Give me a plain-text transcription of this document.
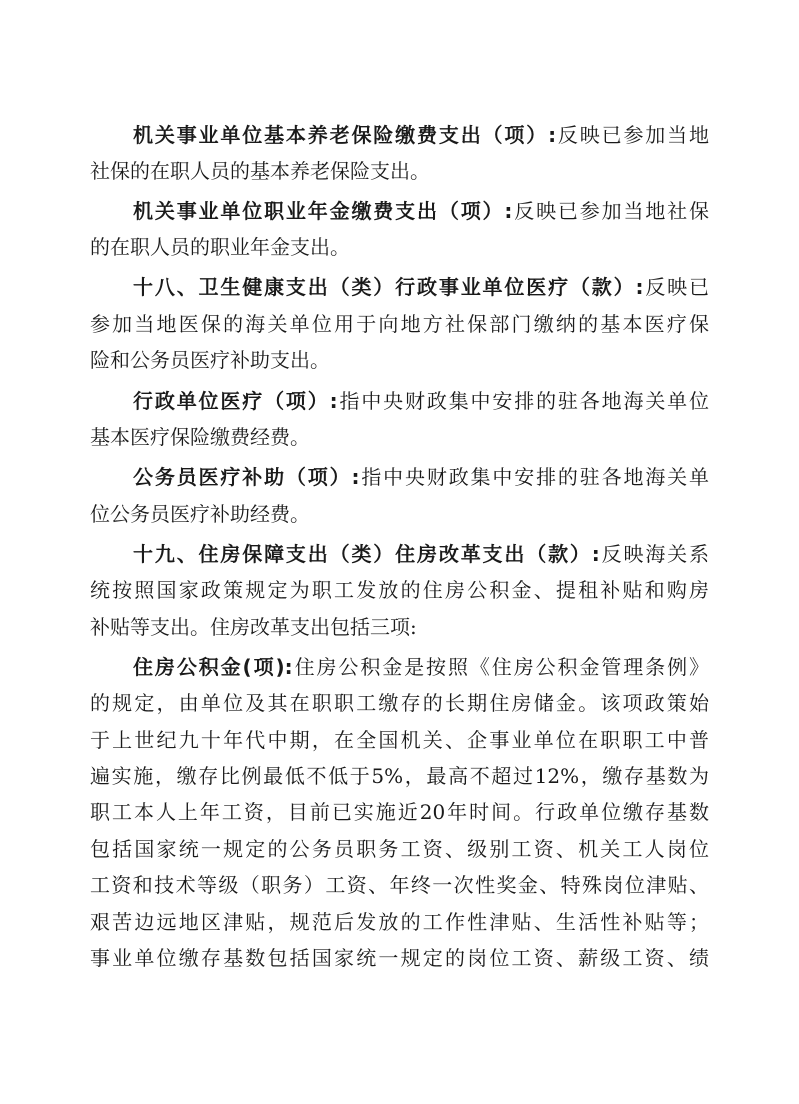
机关事业单位基本养老保险缴费支出（项）:反映已参加当地
社保的在职人员的基本养老保险支出。
机关事业单位职业年金缴费支出（项）:反映已参加当地社保
的在职人员的职业年金支出。
十八、卫生健康支出（类）行政事业单位医疗（款）:反映已
参加当地医保的海关单位用于向地方社保部门缴纳的基本医疗保
险和公务员医疗补助支出。
行政单位医疗（项）:指中央财政集中安排的驻各地海关单位
基本医疗保险缴费经费。
公务员医疗补助（项）:指中央财政集中安排的驻各地海关单
位公务员医疗补助经费。
十九、住房保障支出（类）住房改革支出（款）:反映海关系
统按照国家政策规定为职工发放的住房公积金、提租补贴和购房
补贴等支出。住房改革支出包括三项:
住房公积金(项):住房公积金是按照《住房公积金管理条例》
的规定，由单位及其在职职工缴存的长期住房储金。该项政策始
于上世纪九十年代中期，在全国机关、企事业单位在职职工中普
遍实施，缴存比例最低不低于5%，最高不超过12%，缴存基数为
职工本人上年工资，目前已实施近20年时间。行政单位缴存基数
包括国家统一规定的公务员职务工资、级别工资、机关工人岗位
工资和技术等级（职务）工资、年终一次性奖金、特殊岗位津贴、
艰苦边远地区津贴，规范后发放的工作性津贴、生活性补贴等；
事业单位缴存基数包括国家统一规定的岗位工资、薪级工资、绩
